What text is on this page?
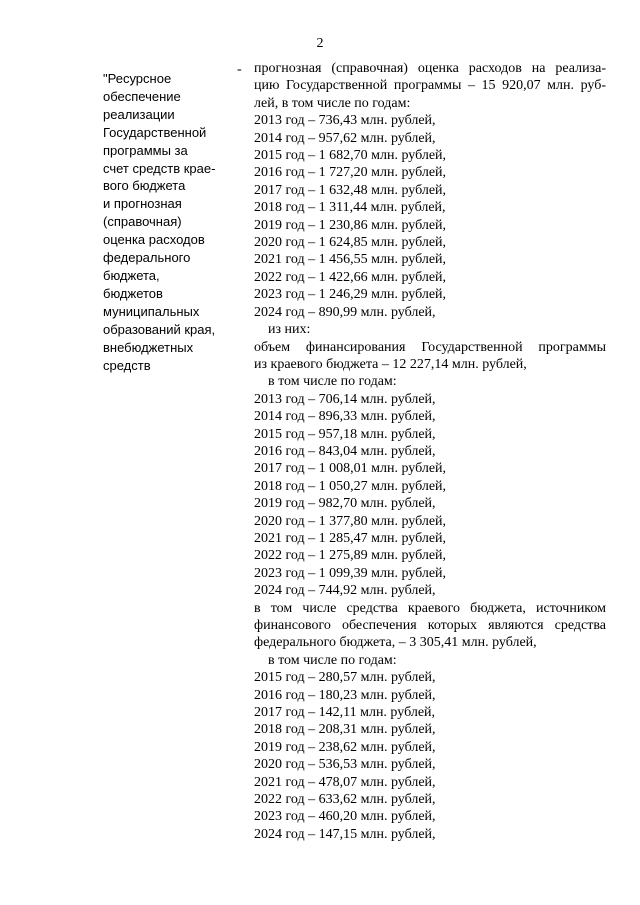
2
"Ресурсное
обеспечение
реализации
Государственной
программы за
счет средств крае-
вого бюджета
и прогнозная
(справочная)
оценка расходов
федерального
бюджета,
бюджетов
муниципальных
образований края,
внебюджетных
средств
- прогнозная (справочная) оценка расходов на реализа-
цию Государственной программы – 15 920,07 млн. руб-
лей, в том числе по годам:
2013 год – 736,43 млн. рублей,
2014 год – 957,62 млн. рублей,
2015 год – 1 682,70 млн. рублей,
2016 год – 1 727,20 млн. рублей,
2017 год – 1 632,48 млн. рублей,
2018 год – 1 311,44 млн. рублей,
2019 год – 1 230,86 млн. рублей,
2020 год – 1 624,85 млн. рублей,
2021 год – 1 456,55 млн. рублей,
2022 год – 1 422,66 млн. рублей,
2023 год – 1 246,29 млн. рублей,
2024 год – 890,99 млн. рублей,
из них:
объем финансирования Государственной программы
из краевого бюджета – 12 227,14 млн. рублей,
в том числе по годам:
2013 год – 706,14 млн. рублей,
2014 год – 896,33 млн. рублей,
2015 год – 957,18 млн. рублей,
2016 год – 843,04 млн. рублей,
2017 год – 1 008,01 млн. рублей,
2018 год – 1 050,27 млн. рублей,
2019 год – 982,70 млн. рублей,
2020 год – 1 377,80 млн. рублей,
2021 год – 1 285,47 млн. рублей,
2022 год – 1 275,89 млн. рублей,
2023 год – 1 099,39 млн. рублей,
2024 год – 744,92 млн. рублей,
в том числе средства краевого бюджета, источником
финансового обеспечения которых являются средства
федерального бюджета, – 3 305,41 млн. рублей,
в том числе по годам:
2015 год – 280,57 млн. рублей,
2016 год – 180,23 млн. рублей,
2017 год – 142,11 млн. рублей,
2018 год – 208,31 млн. рублей,
2019 год – 238,62 млн. рублей,
2020 год – 536,53 млн. рублей,
2021 год – 478,07 млн. рублей,
2022 год – 633,62 млн. рублей,
2023 год – 460,20 млн. рублей,
2024 год – 147,15 млн. рублей,
